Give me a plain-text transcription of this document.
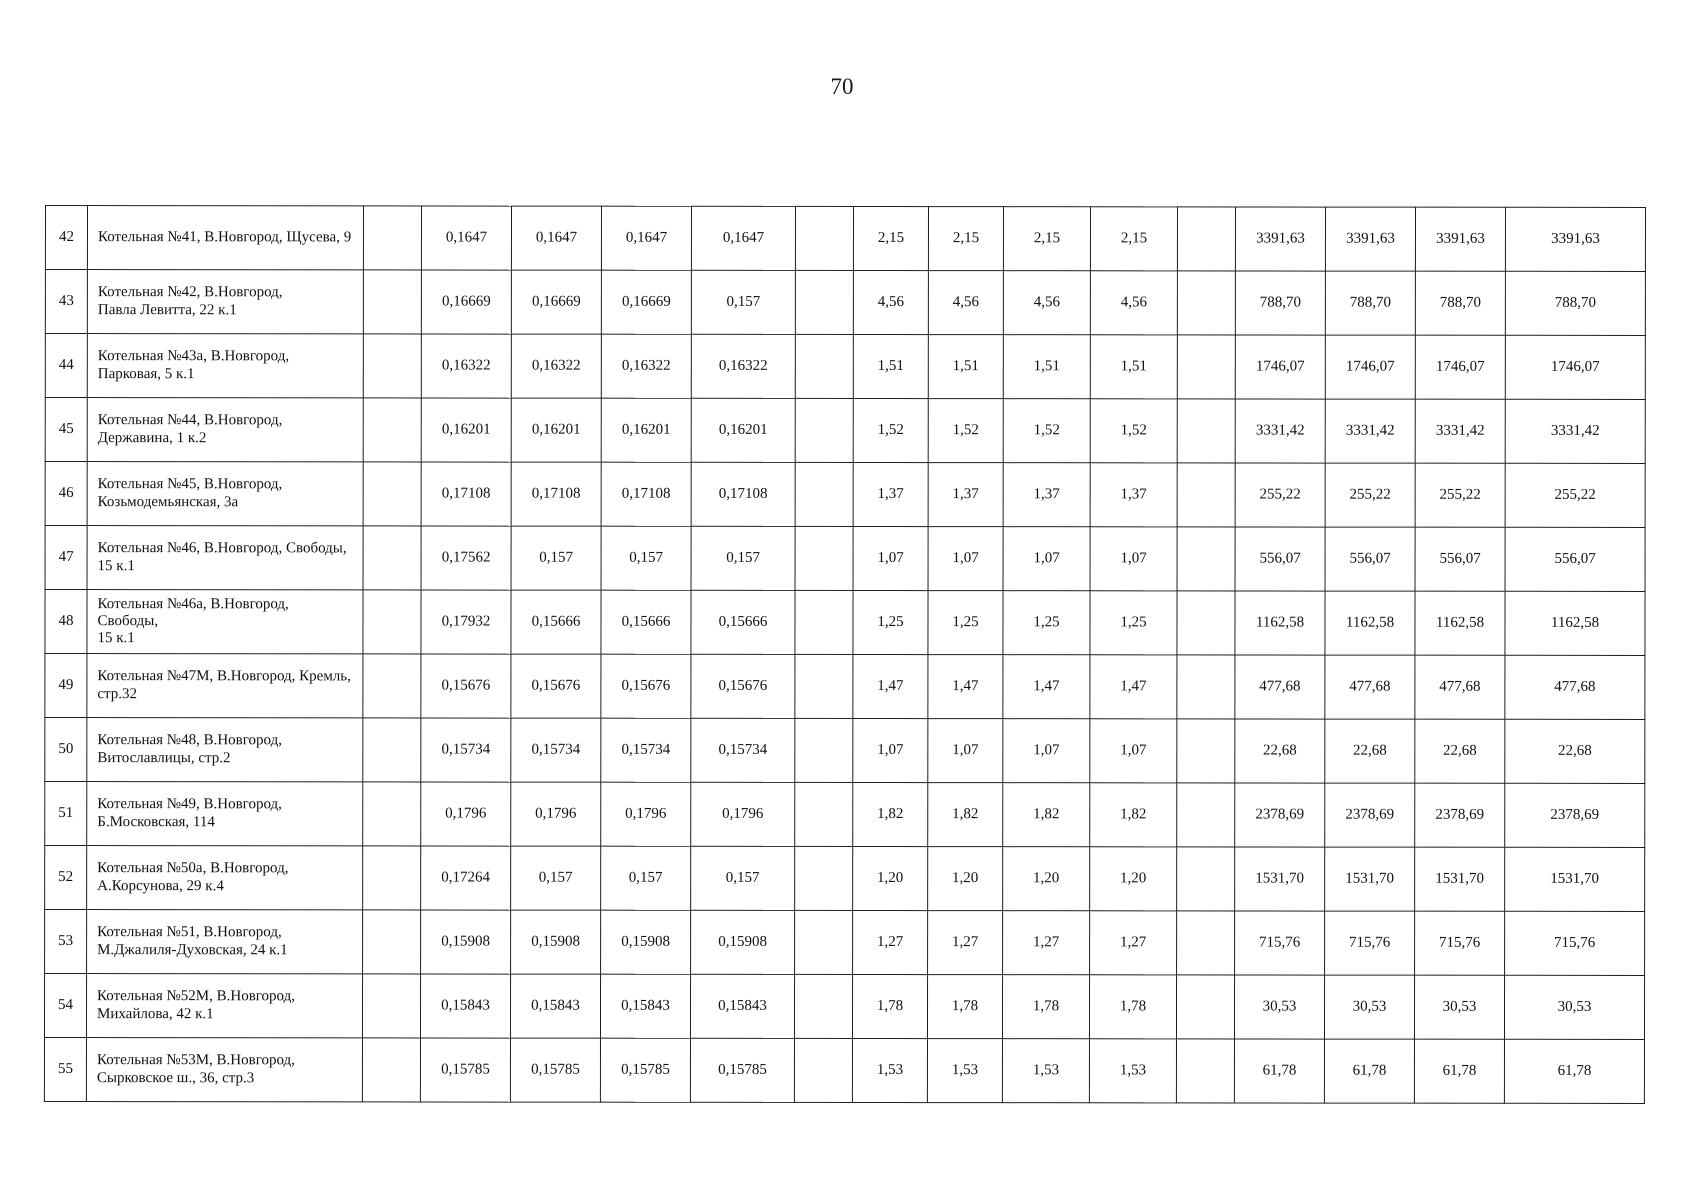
70
42	Котельная №41, В.Новгород, Щусева, 9		0,1647	0,1647	0,1647	0,1647		2,15	2,15	2,15	2,15		3391,63	3391,63	3391,63	3391,63
43	Котельная №42, В.Новгород,
Павла Левитта, 22 к.1		0,16669	0,16669	0,16669	0,157		4,56	4,56	4,56	4,56		788,70	788,70	788,70	788,70
44	Котельная №43а, В.Новгород,
Парковая, 5 к.1		0,16322	0,16322	0,16322	0,16322		1,51	1,51	1,51	1,51		1746,07	1746,07	1746,07	1746,07
45	Котельная №44, В.Новгород,
Державина, 1 к.2		0,16201	0,16201	0,16201	0,16201		1,52	1,52	1,52	1,52		3331,42	3331,42	3331,42	3331,42
46	Котельная №45, В.Новгород,
Козьмодемьянская, 3а		0,17108	0,17108	0,17108	0,17108		1,37	1,37	1,37	1,37		255,22	255,22	255,22	255,22
47	Котельная №46, В.Новгород, Свободы,
15 к.1		0,17562	0,157	0,157	0,157		1,07	1,07	1,07	1,07		556,07	556,07	556,07	556,07
48	Котельная №46а, В.Новгород, Свободы,
15 к.1		0,17932	0,15666	0,15666	0,15666		1,25	1,25	1,25	1,25		1162,58	1162,58	1162,58	1162,58
49	Котельная №47М, В.Новгород, Кремль,
стр.32		0,15676	0,15676	0,15676	0,15676		1,47	1,47	1,47	1,47		477,68	477,68	477,68	477,68
50	Котельная №48, В.Новгород,
Витославлицы, стр.2		0,15734	0,15734	0,15734	0,15734		1,07	1,07	1,07	1,07		22,68	22,68	22,68	22,68
51	Котельная №49, В.Новгород,
Б.Московская, 114		0,1796	0,1796	0,1796	0,1796		1,82	1,82	1,82	1,82		2378,69	2378,69	2378,69	2378,69
52	Котельная №50а, В.Новгород,
А.Корсунова, 29 к.4		0,17264	0,157	0,157	0,157		1,20	1,20	1,20	1,20		1531,70	1531,70	1531,70	1531,70
53	Котельная №51, В.Новгород,
М.Джалиля-Духовская, 24 к.1		0,15908	0,15908	0,15908	0,15908		1,27	1,27	1,27	1,27		715,76	715,76	715,76	715,76
54	Котельная №52М, В.Новгород,
Михайлова, 42 к.1		0,15843	0,15843	0,15843	0,15843		1,78	1,78	1,78	1,78		30,53	30,53	30,53	30,53
55	Котельная №53М, В.Новгород,
Сырковское ш., 36, стр.3		0,15785	0,15785	0,15785	0,15785		1,53	1,53	1,53	1,53		61,78	61,78	61,78	61,78
